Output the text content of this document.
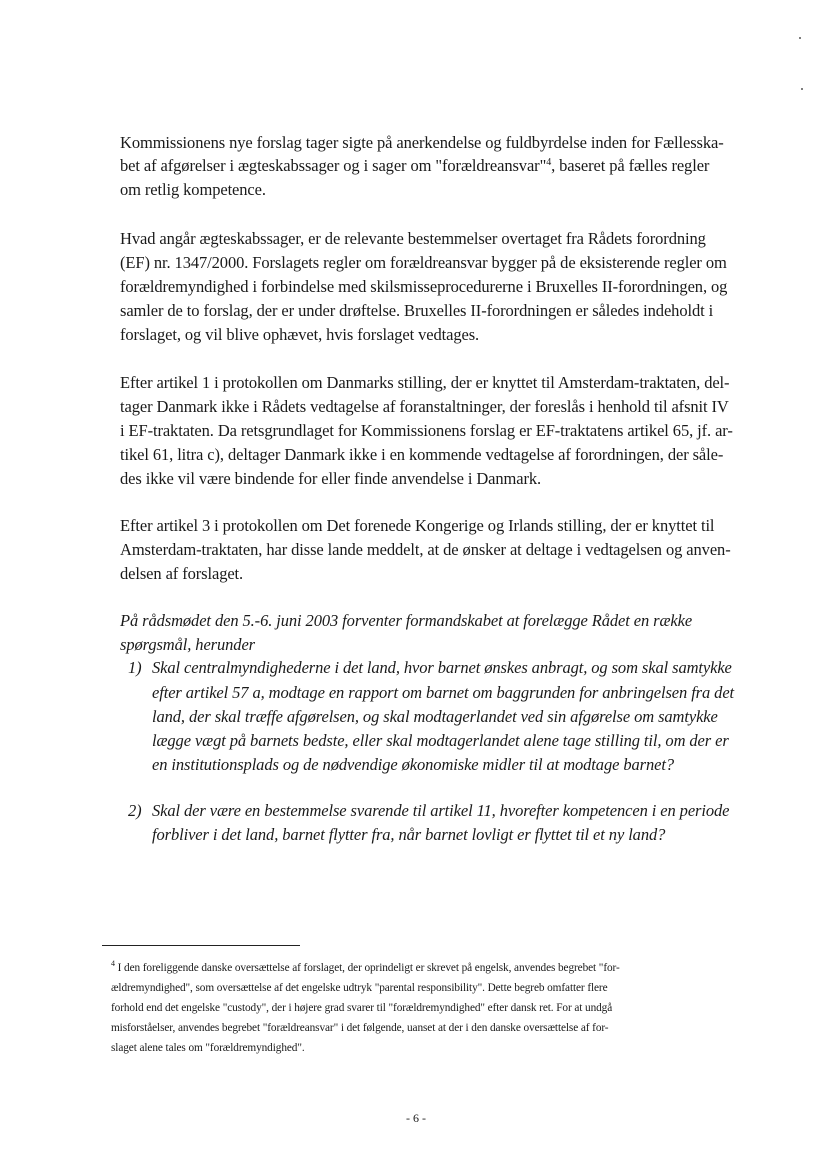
Kommissionens nye forslag tager sigte på anerkendelse og fuldbyrdelse inden for Fællesska-
bet af afgørelser i ægteskabssager og i sager om "forældreansvar"$^4$, baseret på fælles regler
om retlig kompetence.
Hvad angår ægteskabssager, er de relevante bestemmelser overtaget fra Rådets forordning
(EF) nr. 1347/2000. Forslagets regler om forældreansvar bygger på de eksisterende regler om
forældremyndighed i forbindelse med skilsmisseprocedurerne i Bruxelles II-forordningen, og
samler de to forslag, der er under drøftelse. Bruxelles II-forordningen er således indeholdt i
forslaget, og vil blive ophævet, hvis forslaget vedtages.
Efter artikel 1 i protokollen om Danmarks stilling, der er knyttet til Amsterdam-traktaten, del-
tager Danmark ikke i Rådets vedtagelse af foranstaltninger, der foreslås i henhold til afsnit IV
i EF-traktaten. Da retsgrundlaget for Kommissionens forslag er EF-traktatens artikel 65, jf. ar-
tikel 61, litra c), deltager Danmark ikke i en kommende vedtagelse af forordningen, der såle-
des ikke vil være bindende for eller finde anvendelse i Danmark.
Efter artikel 3 i protokollen om Det forenede Kongerige og Irlands stilling, der er knyttet til
Amsterdam-traktaten, har disse lande meddelt, at de ønsker at deltage i vedtagelsen og anven-
delsen af forslaget.
På rådsmødet den 5.-6. juni 2003 forventer formandskabet at forelægge Rådet en række
spørgsmål, herunder
1) Skal centralmyndighederne i det land, hvor barnet ønskes anbragt, og som skal samtykke
efter artikel 57 a, modtage en rapport om barnet om baggrunden for anbringelsen fra det
land, der skal træffe afgørelsen, og skal modtagerlandet ved sin afgørelse om samtykke
lægge vægt på barnets bedste, eller skal modtagerlandet alene tage stilling til, om der er
en institutionsplads og de nødvendige økonomiske midler til at modtage barnet?
2) Skal der være en bestemmelse svarende til artikel 11, hvorefter kompetencen i en periode
forbliver i det land, barnet flytter fra, når barnet lovligt er flyttet til et ny land?
$^4$ I den foreliggende danske oversættelse af forslaget, der oprindeligt er skrevet på engelsk, anvendes begrebet "for-
ældremyndighed", som oversættelse af det engelske udtryk "parental responsibility". Dette begreb omfatter flere
forhold end det engelske "custody", der i højere grad svarer til "forældremyndighed" efter dansk ret. For at undgå
misforståelser, anvendes begrebet "forældreansvar" i det følgende, uanset at der i den danske oversættelse af for-
slaget alene tales om "forældremyndighed".
- 6 -
